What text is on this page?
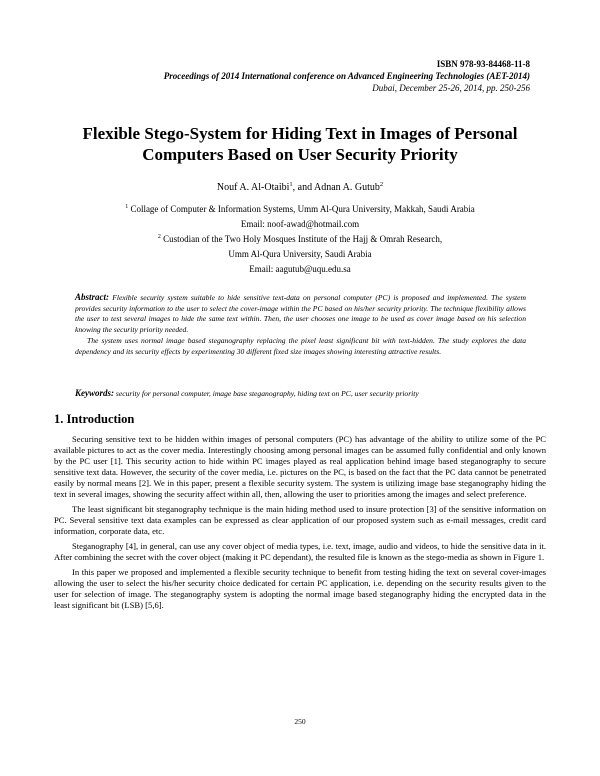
ISBN 978-93-84468-11-8
Proceedings of 2014 International conference on Advanced Engineering Technologies (AET-2014)
Dubai, December 25-26, 2014, pp. 250-256
Flexible Stego-System for Hiding Text in Images of Personal
Computers Based on User Security Priority
Nouf A. Al-Otaibi$^1$, and Adnan A. Gutub$^2$
$^1$ Collage of Computer & Information Systems, Umm Al-Qura University, Makkah, Saudi Arabia
Email: noof-awad@hotmail.com
$^2$ Custodian of the Two Holy Mosques Institute of the Hajj & Omrah Research,
Umm Al-Qura University, Saudi Arabia
Email: aagutub@uqu.edu.sa

Abstract: Flexible security system suitable to hide sensitive text-data on personal computer (PC) is proposed and implemented. The system provides security information to the user to select the cover-image within the PC based on his/her security priority. The technique flexibility allows the user to test several images to hide the same text within. Then, the user chooses one image to be used as cover image based on his selection knowing the security priority needed.

The system uses normal image based steganography replacing the pixel least significant bit with text-hidden. The study explores the data dependency and its security effects by experimenting 30 different fixed size images showing interesting attractive results.

Keywords: security for personal computer, image base steganography, hiding text on PC, user security priority
1. Introduction

Securing sensitive text to be hidden within images of personal computers (PC) has advantage of the ability to utilize some of the PC available pictures to act as the cover media. Interestingly choosing among personal images can be assumed fully confidential and only known by the PC user [1]. This security action to hide within PC images played as real application behind image based steganography to secure sensitive text data. However, the security of the cover media, i.e. pictures on the PC, is based on the fact that the PC data cannot be penetrated easily by normal means [2]. We in this paper, present a flexible security system. The system is utilizing image base steganography hiding the text in several images, showing the security affect within all, then, allowing the user to priorities among the images and select preference.

The least significant bit steganography technique is the main hiding method used to insure protection [3] of the sensitive information on PC. Several sensitive text data examples can be expressed as clear application of our proposed system such as e-mail messages, credit card information, corporate data, etc.

Steganography [4], in general, can use any cover object of media types, i.e. text, image, audio and videos, to hide the sensitive data in it. After combining the secret with the cover object (making it PC dependant), the resulted file is known as the stego-media as shown in Figure 1.

In this paper we proposed and implemented a flexible security technique to benefit from testing hiding the text on several cover-images allowing the user to select the his/her security choice dedicated for certain PC application, i.e. depending on the security results given to the user for selection of image. The steganography system is adopting the normal image based steganography hiding the encrypted data in the least significant bit (LSB) [5,6].

250
